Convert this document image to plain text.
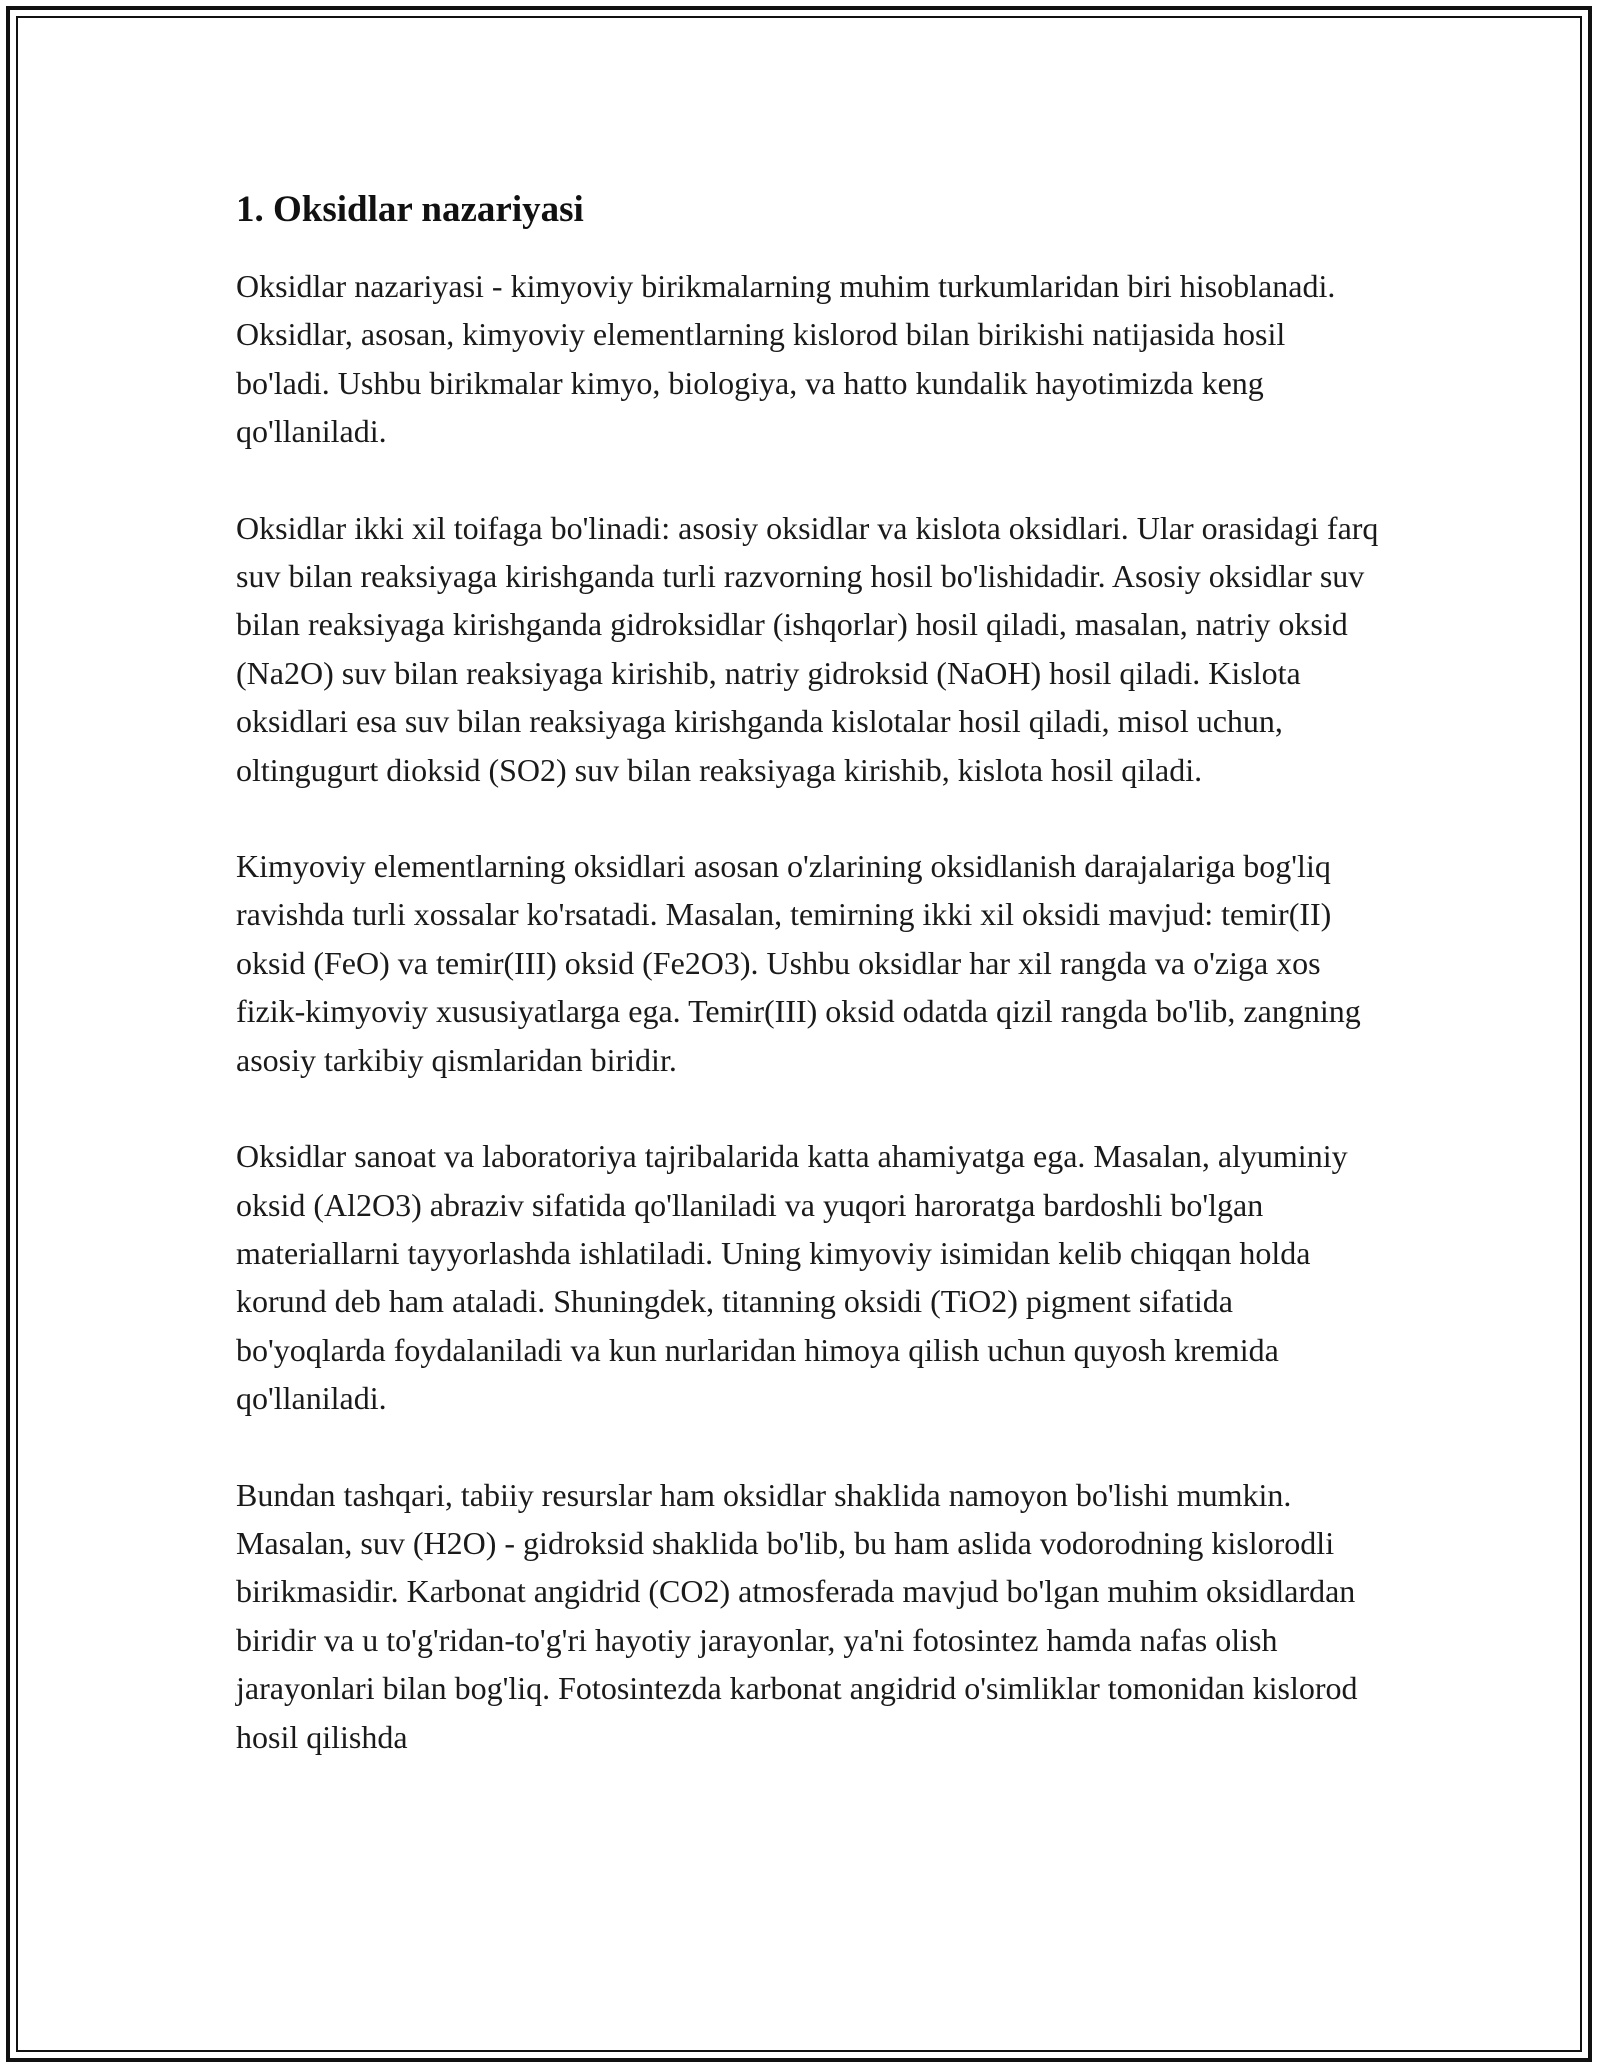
1. Oksidlar nazariyasi

Oksidlar nazariyasi - kimyoviy birikmalarning muhim turkumlaridan biri hisoblanadi. Oksidlar, asosan, kimyoviy elementlarning kislorod bilan birikishi natijasida hosil bo'ladi. Ushbu birikmalar kimyo, biologiya, va hatto kundalik hayotimizda keng qo'llaniladi.

Oksidlar ikki xil toifaga bo'linadi: asosiy oksidlar va kislota oksidlari. Ular orasidagi farq suv bilan reaksiyaga kirishganda turli razvorning hosil bo'lishidadir. Asosiy oksidlar suv bilan reaksiyaga kirishganda gidroksidlar (ishqorlar) hosil qiladi, masalan, natriy oksid (Na2O) suv bilan reaksiyaga kirishib, natriy gidroksid (NaOH) hosil qiladi. Kislota oksidlari esa suv bilan reaksiyaga kirishganda kislotalar hosil qiladi, misol uchun, oltingugurt dioksid (SO2) suv bilan reaksiyaga kirishib, kislota hosil qiladi.

Kimyoviy elementlarning oksidlari asosan o'zlarining oksidlanish darajalariga bog'liq ravishda turli xossalar ko'rsatadi. Masalan, temirning ikki xil oksidi mavjud: temir(II) oksid (FeO) va temir(III) oksid (Fe2O3). Ushbu oksidlar har xil rangda va o'ziga xos fizik-kimyoviy xususiyatlarga ega. Temir(III) oksid odatda qizil rangda bo'lib, zangning asosiy tarkibiy qismlaridan biridir.

Oksidlar sanoat va laboratoriya tajribalarida katta ahamiyatga ega. Masalan, alyuminiy oksid (Al2O3) abraziv sifatida qo'llaniladi va yuqori haroratga bardoshli bo'lgan materiallarni tayyorlashda ishlatiladi. Uning kimyoviy isimidan kelib chiqqan holda korund deb ham ataladi. Shuningdek, titanning oksidi (TiO2) pigment sifatida bo'yoqlarda foydalaniladi va kun nurlaridan himoya qilish uchun quyosh kremida qo'llaniladi.

Bundan tashqari, tabiiy resurslar ham oksidlar shaklida namoyon bo'lishi mumkin. Masalan, suv (H2O) - gidroksid shaklida bo'lib, bu ham aslida vodorodning kislorodli birikmasidir. Karbonat angidrid (CO2) atmosferada mavjud bo'lgan muhim oksidlardan biridir va u to'g'ridan-to'g'ri hayotiy jarayonlar, ya'ni fotosintez hamda nafas olish jarayonlari bilan bog'liq. Fotosintezda karbonat angidrid o'simliklar tomonidan kislorod hosil qilishda
